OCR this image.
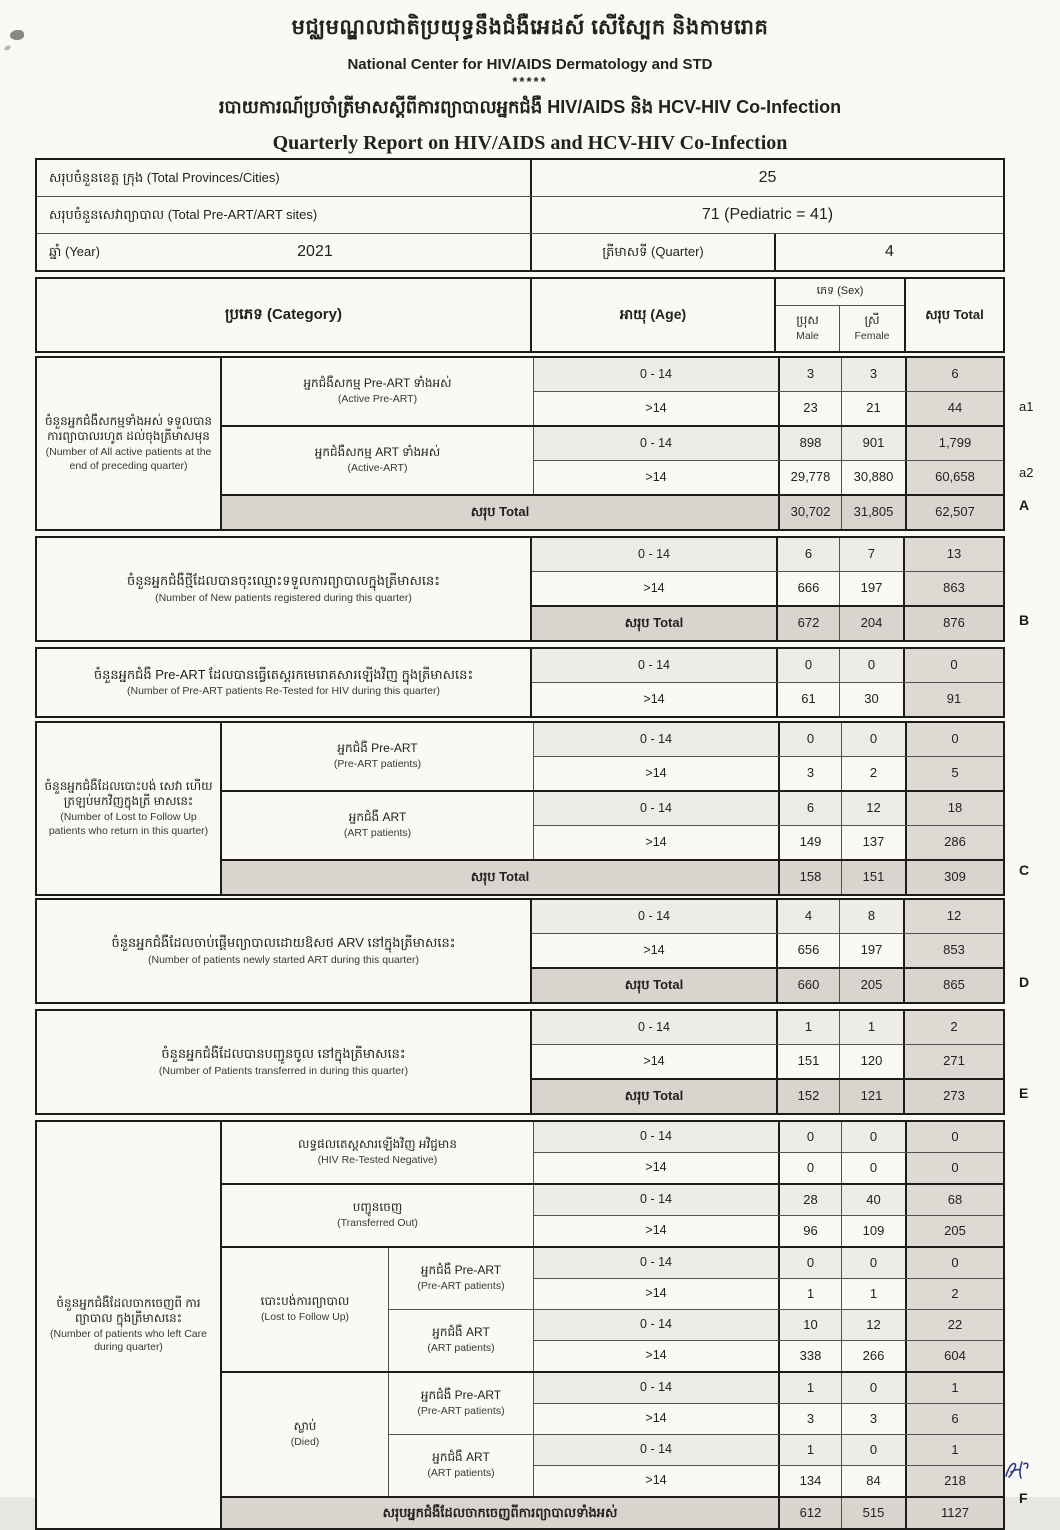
មជ្ឈមណ្ឌលជាតិប្រយុទ្ធនឹងជំងឺអេដស៍ សើស្បែក និងកាមរោគ
National Center for HIV/AIDS Dermatology and STD
*****
របាយការណ៍ប្រចាំត្រីមាសស្ដីពីការព្យាបាលអ្នកជំងឺ HIV/AIDS និង HCV-HIV Co-Infection
Quarterly Report on HIV/AIDS and HCV-HIV Co-Infection
សរុបចំនួនខេត្ត ក្រុង (Total Provinces/Cities)	25
សរុបចំនួនសេវាព្យាបាល (Total Pre-ART/ART sites)	71 (Pediatric = 41)
ឆ្នាំ (Year)	2021	ត្រីមាសទី (Quarter)	4
ប្រភេទ (Category)	អាយុ (Age)
ភេទ (Sex)
ប្រុស
Male
ស្រី
Female
សរុប Total
ចំនួនអ្នកជំងឺសកម្មទាំងអស់ ទទួលបានការព្យាបាលរហូត ដល់ចុងត្រីមាសមុន
(Number of All active patients at the end of preceding quarter)
អ្នកជំងឺសកម្ម Pre-ART ទាំងអស់
(Active Pre-ART)
0 - 14	3	3	6
>14	23	21	44
អ្នកជំងឺសកម្ម ART ទាំងអស់
(Active-ART)
0 - 14	898	901	1,799
>14	29,778	30,880	60,658
សរុប Total	30,702	31,805	62,507
a1
a2
A
ចំនួនអ្នកជំងឺថ្មីដែលបានចុះឈ្មោះទទួលការព្យាបាលក្នុងត្រីមាសនេះ
(Number of New patients registered during this quarter)
0 - 14	6	7	13
>14	666	197	863
សរុប Total	672	204	876	B
ចំនួនអ្នកជំងឺ Pre-ART ដែលបានធ្វើតេស្តរកមេរោគសារឡើងវិញ ក្នុងត្រីមាសនេះ
(Number of Pre-ART patients Re-Tested for HIV during this quarter)
0 - 14	0	0	0
>14	61	30	91
ចំនួនអ្នកជំងឺដែលបោះបង់ សេវា ហើយត្រឡប់មកវិញក្នុងត្រី មាសនេះ
(Number of Lost to Follow Up patients who return in this quarter)
អ្នកជំងឺ Pre-ART
(Pre-ART patients)
0 - 14	0	0	0
>14	3	2	5
អ្នកជំងឺ ART
(ART patients)
0 - 14	6	12	18
>14	149	137	286
សរុប Total	158	151	309	C
ចំនួនអ្នកជំងឺដែលចាប់ផ្ដើមព្យាបាលដោយឱសថ ARV នៅក្នុងត្រីមាសនេះ
(Number of patients newly started ART during this quarter)
0 - 14	4	8	12
>14	656	197	853
សរុប Total	660	205	865	D
ចំនួនអ្នកជំងឺដែលបានបញ្ជូនចូល នៅក្នុងត្រីមាសនេះ
(Number of Patients transferred in during this quarter)
0 - 14	1	1	2
>14	151	120	271
សរុប Total	152	121	273	E
ចំនួនអ្នកជំងឺដែលចាកចេញពី ការព្យាបាល ក្នុងត្រីមាសនេះ
(Number of patients who left Care during quarter)
លទ្ធផលតេស្តសារឡើងវិញ អវិជ្ជមាន
(HIV Re-Tested Negative)
0 - 14	0	0	0
>14	0	0	0
បញ្ជូនចេញ
(Transferred Out)
0 - 14	28	40	68
>14	96	109	205
បោះបង់ការព្យាបាល
(Lost to Follow Up)
អ្នកជំងឺ Pre-ART
(Pre-ART patients)
0 - 14	0	0	0
>14	1	1	2
អ្នកជំងឺ ART
(ART patients)
0 - 14	10	12	22
>14	338	266	604
ស្លាប់
(Died)
អ្នកជំងឺ Pre-ART
(Pre-ART patients)
0 - 14	1	0	1
>14	3	3	6
អ្នកជំងឺ ART
(ART patients)
0 - 14	1	0	1
>14	134	84	218
សរុបអ្នកជំងឺដែលចាកចេញពីការព្យាបាលទាំងអស់	612	515	1127
F
